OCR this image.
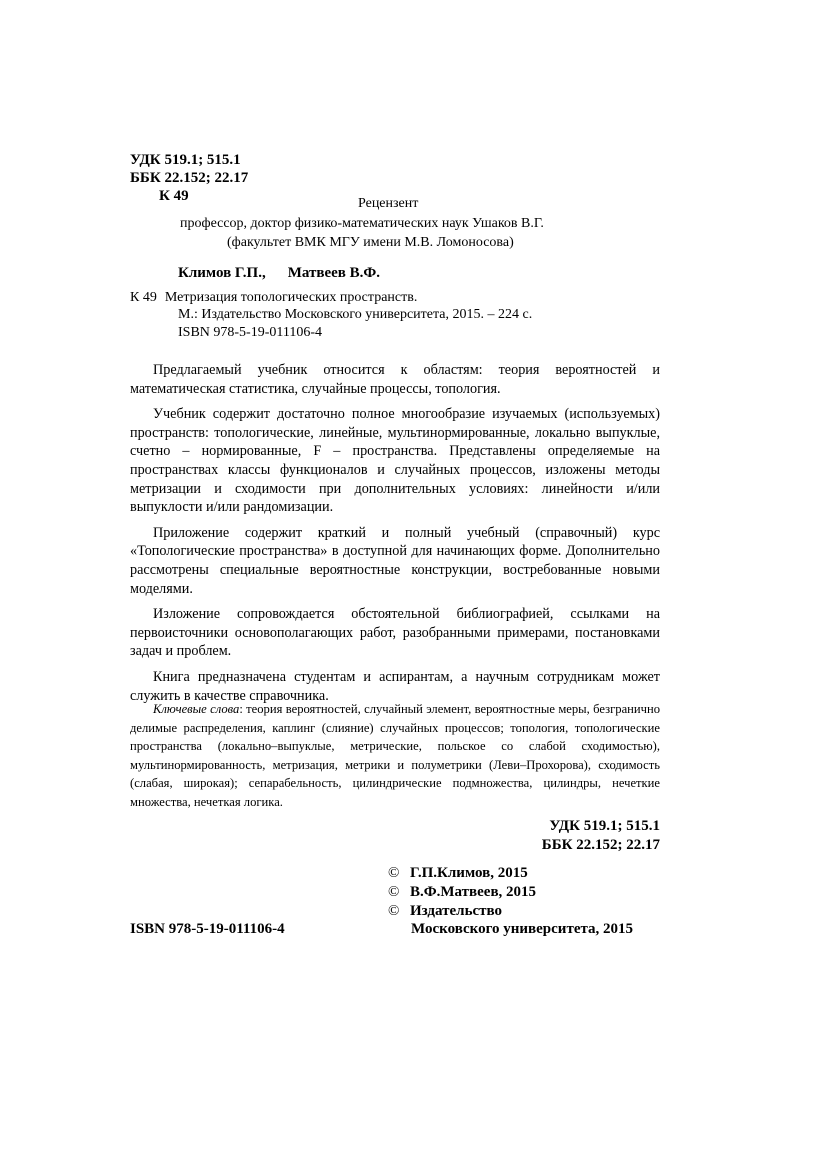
УДК 519.1; 515.1
ББК 22.152; 22.17
К 49	Рецензент
профессор, доктор физико-математических наук Ушаков В.Г.
(факультет ВМК МГУ имени М.В. Ломоносова)
Климов Г.П., Матвеев В.Ф.
К 49 Метризация топологических пространств.
М.: Издательство Московского университета, 2015. – 224 с.
ISBN 978-5-19-011106-4

Предлагаемый учебник относится к областям: теория вероятностей и математическая статистика, случайные процессы, топология.

Учебник содержит достаточно полное многообразие изучаемых (используемых) пространств: топологические, линейные, мультинормированные, локально выпуклые, счетно – нормированные, F – пространства. Представлены определяемые на пространствах классы функционалов и случайных процессов, изложены методы метризации и сходимости при дополнительных условиях: линейности и/или выпуклости и/или рандомизации.

Приложение содержит краткий и полный учебный (справочный) курс «Топологические пространства» в доступной для начинающих форме. Дополнительно рассмотрены специальные вероятностные конструкции, востребованные новыми моделями.

Изложение сопровождается обстоятельной библиографией, ссылками на первоисточники основополагающих работ, разобранными примерами, постановками задач и проблем.

Книга предназначена студентам и аспирантам, а научным сотрудникам может служить в качестве справочника.

Ключевые слова: теория вероятностей, случайный элемент, вероятностные меры, безгранично делимые распределения, каплинг (слияние) случайных процессов; топология, топологические пространства (локально–выпуклые, метрические, польское со слабой сходимостью), мультинормированность, метризация, метрики и полуметрики (Леви–Прохорова), сходимость (слабая, широкая); сепарабельность, цилиндрические подмножества, цилиндры, нечеткие множества, нечеткая логика.
УДК 519.1; 515.1
ББК 22.152; 22.17
© Г.П.Климов, 2015
© В.Ф.Матвеев, 2015
© Издательство
Московского университета, 2015
ISBN 978-5-19-011106-4
